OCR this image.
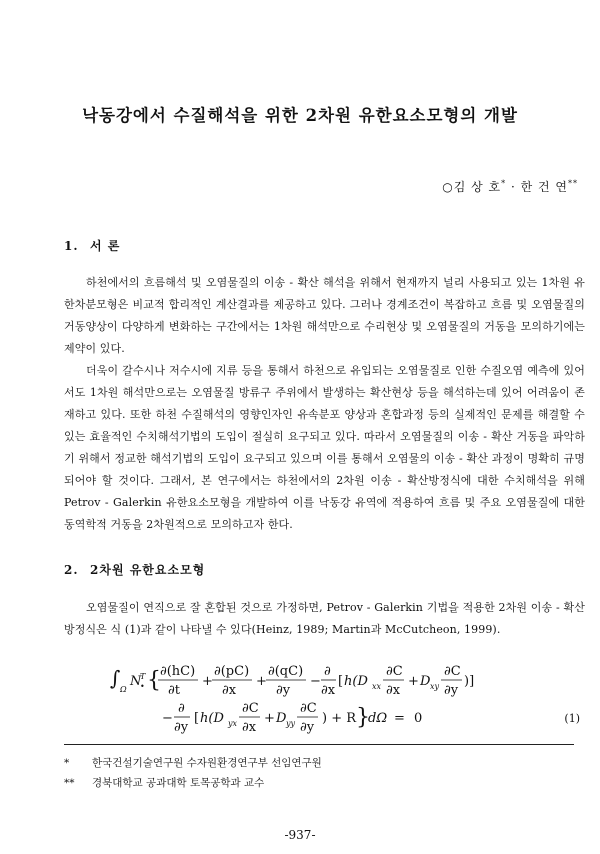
낙동강에서 수질해석을 위한 2차원 유한요소모형의 개발
○김 상 호* · 한 건 연**
1. 서 론
하천에서의 흐름해석 및 오염물질의 이송 - 확산 해석을 위해서 현재까지 널리 사용되고 있는 1차원 유한차분모형은 비교적 합리적인 계산결과를 제공하고 있다. 그러나 경계조건이 복잡하고 흐름 및 오염물질의 거동양상이 다양하게 변화하는 구간에서는 1차원 해석만으로 수리현상 및 오염물질의 거동을 모의하기에는 제약이 있다.
더욱이 갈수시나 저수시에 지류 등을 통해서 하천으로 유입되는 오염물질로 인한 수질오염 예측에 있어서도 1차원 해석만으로는 오염물질 방류구 주위에서 발생하는 확산현상 등을 해석하는데 있어 어려움이 존재하고 있다. 또한 하천 수질해석의 영향인자인 유속분포 양상과 혼합과정 등의 실제적인 문제를 해결할 수 있는 효율적인 수치해석기법의 도입이 절실히 요구되고 있다. 따라서 오염물질의 이송 - 확산 거동을 파악하기 위해서 정교한 해석기법의 도입이 요구되고 있으며 이를 통해서 오염물의 이송 - 확산 과정이 명확히 규명되어야 할 것이다. 그래서, 본 연구에서는 하천에서의 2차원 이송 - 확산방정식에 대한 수치해석을 위해 Petrov - Galerkin 유한요소모형을 개발하여 이를 낙동강 유역에 적용하여 흐름 및 주요 오염물질에 대한 동역학적 거동을 2차원적으로 모의하고자 한다.
2. 2차원 유한요소모형
오염물질이 연직으로 잘 혼합된 것으로 가정하면, Petrov - Galerkin 기법을 적용한 2차원 이송 - 확산 방정식은 식 (1)과 같이 나타낼 수 있다(Heinz, 1989; Martin과 McCutcheon, 1999).
∫ Ω
N
T
• { ∂(hC)
∂t
+
∂(pC)
∂x
+
∂(qC)
∂y
−
∂
∂x
[ h(D xx
∂C
∂x
+ D xy
∂C
∂y
)]
−
∂
∂y
[ h(D yx
∂C
∂x
+ D yy
∂C
∂y
) + R }
dΩ = 0	(1)
* 한국건설기술연구원 수자원환경연구부 선임연구원
** 경북대학교 공과대학 토목공학과 교수
-937-
